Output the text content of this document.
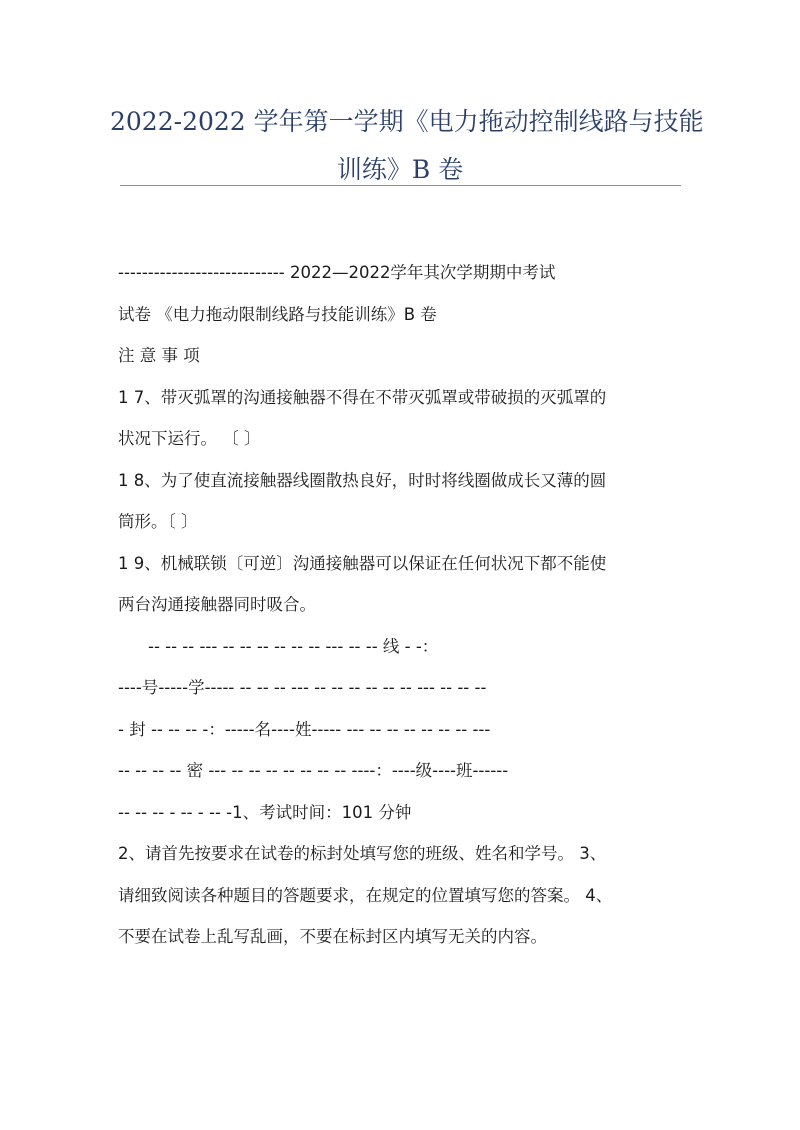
2022-2022 学年第一学期《电力拖动控制线路与技能
训练》B 卷
---------------------------- 2022—2022学年其次学期期中考试
试卷 《电力拖动限制线路与技能训练》B 卷
注 意 事 项
1 7、带灭弧罩的沟通接触器不得在不带灭弧罩或带破损的灭弧罩的
状况下运行。 〔 〕
1 8、为了使直流接触器线圈散热良好，时时将线圈做成长又薄的圆
筒形。〔 〕
1 9、机械联锁〔可逆〕沟通接触器可以保证在任何状况下都不能使
两台沟通接触器同时吸合。
-- -- -- --- -- -- -- -- -- -- --- -- -- 线 - -：
----号-----学----- -- -- -- --- -- -- -- -- -- -- --- -- -- --
- 封 -- -- -- -：-----名----姓----- --- -- -- -- -- -- -- ---
-- -- -- -- 密 --- -- -- -- -- -- -- -- ----：----级----班------
-- -- -- - -- - -- -1、考试时间：101 分钟
2、请首先按要求在试卷的标封处填写您的班级、姓名和学号。 3、
请细致阅读各种题目的答题要求，在规定的位置填写您的答案。 4、
不要在试卷上乱写乱画，不要在标封区内填写无关的内容。
